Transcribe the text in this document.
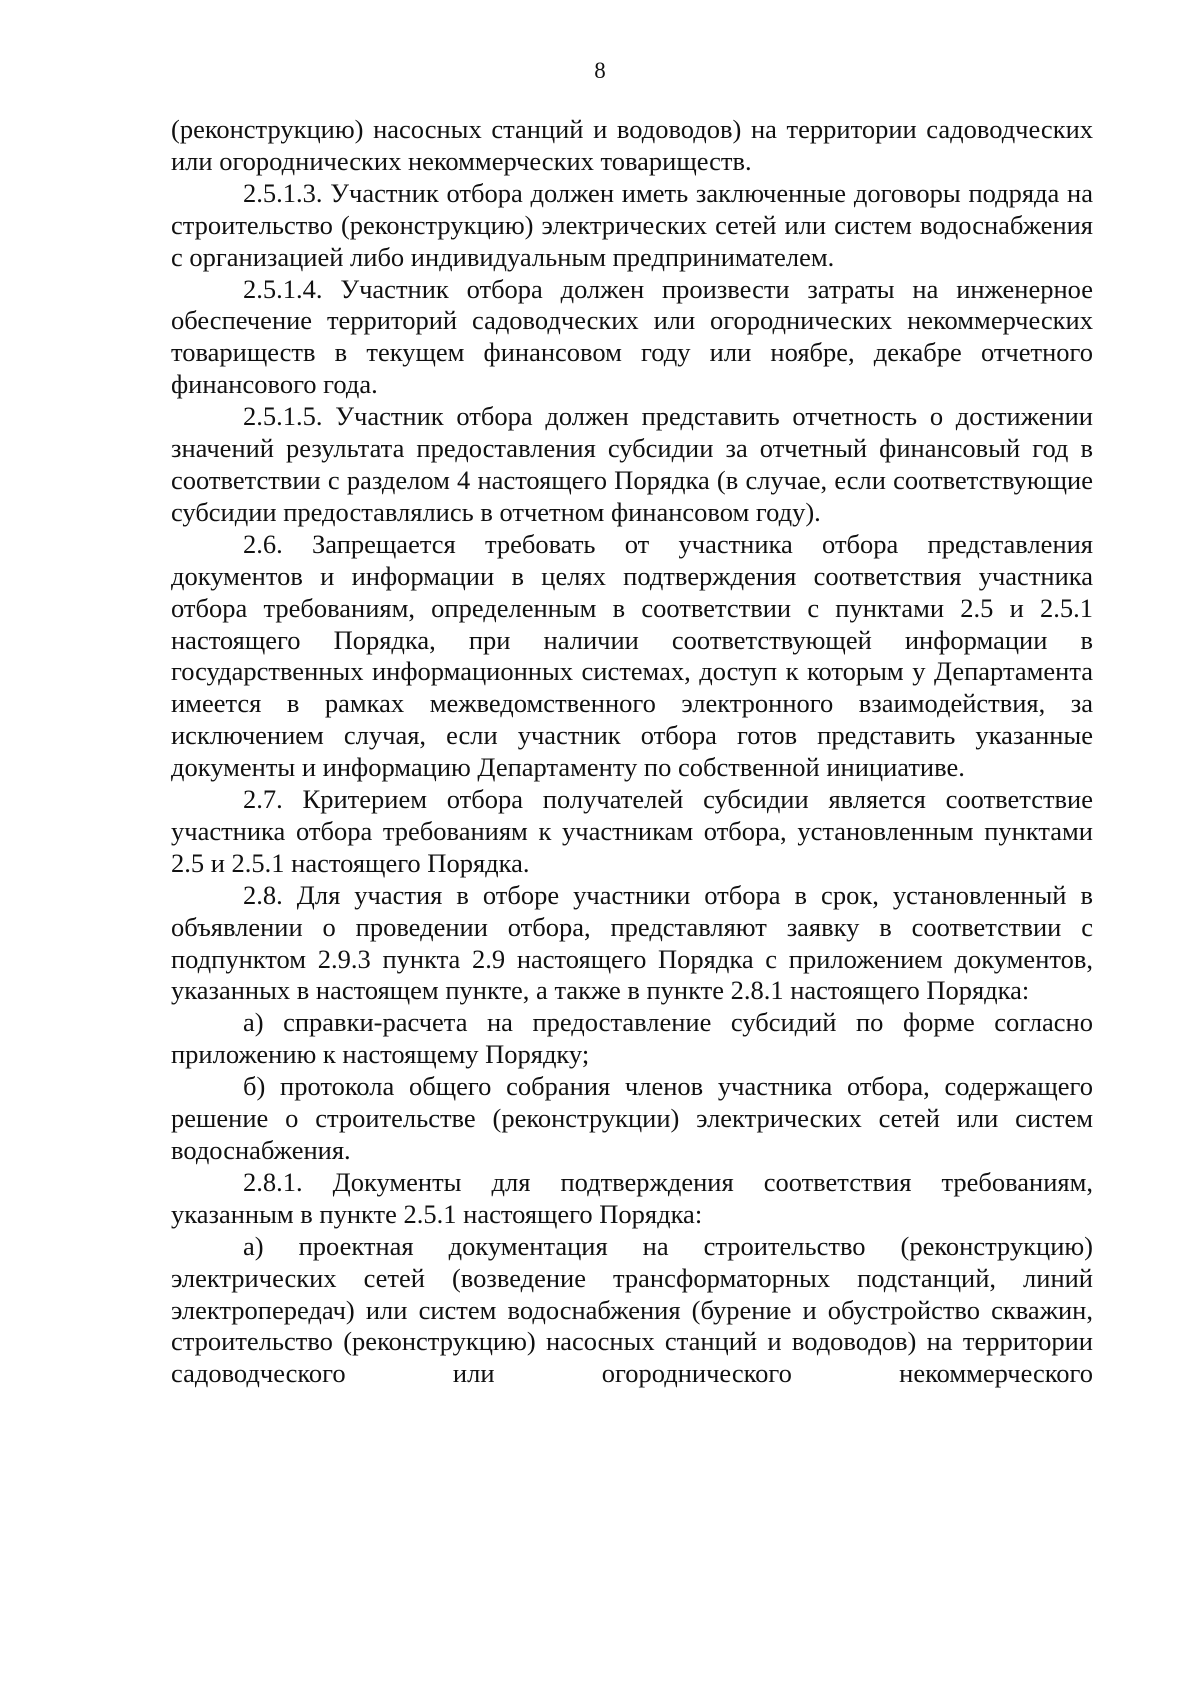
8

(реконструкцию) насосных станций и водоводов) на территории садоводческих или огороднических некоммерческих товариществ.

2.5.1.3. Участник отбора должен иметь заключенные договоры подряда на строительство (реконструкцию) электрических сетей или систем водоснабжения с организацией либо индивидуальным предпринимателем.

2.5.1.4. Участник отбора должен произвести затраты на инженерное обеспечение территорий садоводческих или огороднических некоммерческих товариществ в текущем финансовом году или ноябре, декабре отчетного финансового года.

2.5.1.5. Участник отбора должен представить отчетность о достижении значений результата предоставления субсидии за отчетный финансовый год в соответствии с разделом 4 настоящего Порядка (в случае, если соответствующие субсидии предоставлялись в отчетном финансовом году).

2.6. Запрещается требовать от участника отбора представления документов и информации в целях подтверждения соответствия участника отбора требованиям, определенным в соответствии с пунктами 2.5 и 2.5.1 настоящего Порядка, при наличии соответствующей информации в государственных информационных системах, доступ к которым у Департамента имеется в рамках межведомственного электронного взаимодействия, за исключением случая, если участник отбора готов представить указанные документы и информацию Департаменту по собственной инициативе.

2.7. Критерием отбора получателей субсидии является соответствие участника отбора требованиям к участникам отбора, установленным пунктами 2.5 и 2.5.1 настоящего Порядка.

2.8. Для участия в отборе участники отбора в срок, установленный в объявлении о проведении отбора, представляют заявку в соответствии с подпунктом 2.9.3 пункта 2.9 настоящего Порядка с приложением документов, указанных в настоящем пункте, а также в пункте 2.8.1 настоящего Порядка:

а) справки-расчета на предоставление субсидий по форме согласно приложению к настоящему Порядку;

б) протокола общего собрания членов участника отбора, содержащего решение о строительстве (реконструкции) электрических сетей или систем водоснабжения.

2.8.1. Документы для подтверждения соответствия требованиям, указанным в пункте 2.5.1 настоящего Порядка:

а) проектная документация на строительство (реконструкцию) электрических сетей (возведение трансформаторных подстанций, линий электропередач) или систем водоснабжения (бурение и обустройство скважин, строительство (реконструкцию) насосных станций и водоводов) на территории садоводческого или огороднического некоммерческого
